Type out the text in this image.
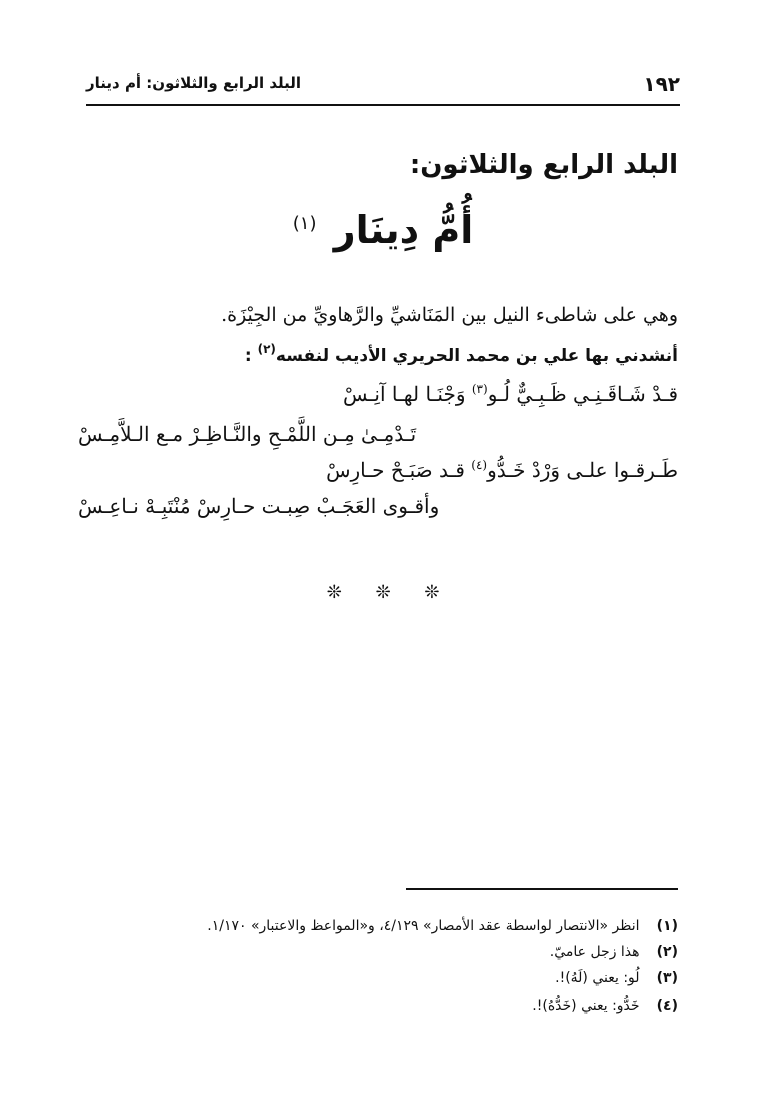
١٩٢
البلد الرابع والثلاثون: أم دينار
البلد الرابع والثلاثون:
أُمُّ دِينَار $^{(١)}$
وهي على شاطىء النيل بين المَنَاشيِّ والرَّهاويِّ من الجِيْزَة.
أنشدني بها علي بن محمد الحريري الأديب لنفسه$^{(٢)}$ :
قـدْ شَـاقَـنِـي ظَـبِـيٌّ لُـو$^{(٣)}$ وَجْنَـا لهـا آنِـسْ
تَـدْمِـىٰ مِـن اللَّمْـحِ والنَّـاظِـرْ مـع الـلاَّمِـسْ
طَـرقـوا علـى وَرْدْ خَـدُّو$^{(٤)}$ قـد صَبَـحْ حـارِسْ
وأقـوى العَجَـبْ صِبـت حـارِسْ مُنْتَبِـهْ نـاعِـسْ
❊ ❊ ❊
(١) انظر «الانتصار لواسطة عقد الأمصار» ٤/١٢٩، و«المواعظ والاعتبار» ١/١٧٠.
(٢) هذا زجل عاميّ.
(٣) لُو: يعني (لَهُ)!.
(٤) خَدُّو: يعني (خَدُّهُ)!.
